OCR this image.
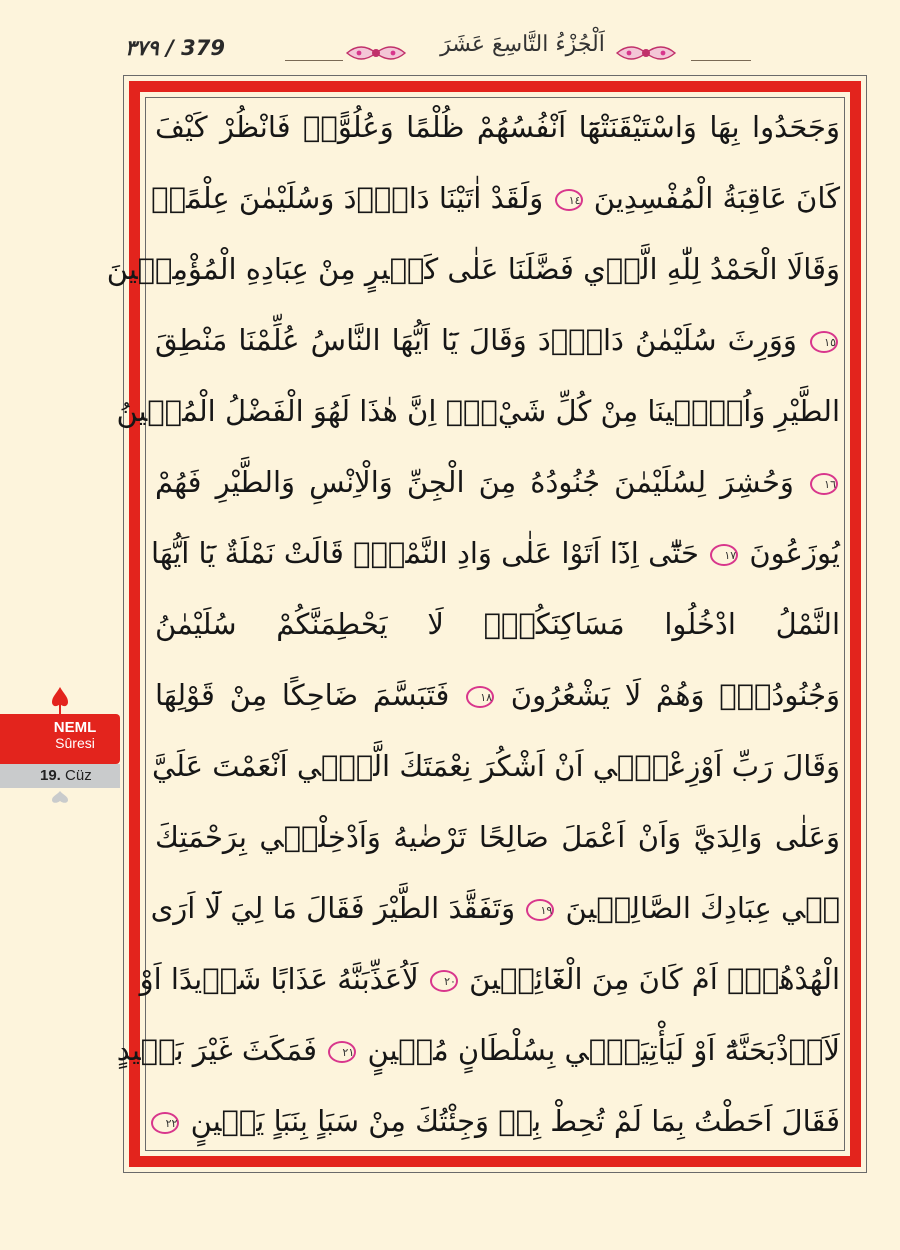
٣٧٩ / 379	اَلْجُزْءُ التَّاسِعَ عَشَرَ
وَجَحَدُوا بِهَا وَاسْتَيْقَنَتْهَٓا اَنْفُسُهُمْ ظُلْمًا وَعُلُوًّاۜ فَانْظُرْ كَيْفَ
كَانَ عَاقِبَةُ الْمُفْسِدِينَ ١٤ وَلَقَدْ اٰتَيْنَا دَاوُ۫دَ وَسُلَيْمٰنَ عِلْمًاۚ
وَقَالَا الْحَمْدُ لِلّٰهِ الَّذ۪ي فَضَّلَنَا عَلٰى كَث۪يرٍ مِنْ عِبَادِهِ الْمُؤْمِن۪ينَ
١٥ وَوَرِثَ سُلَيْمٰنُ دَاوُ۫دَ وَقَالَ يَٓا اَيُّهَا النَّاسُ عُلِّمْنَا مَنْطِقَ
الطَّيْرِ وَاُو۫ت۪ينَا مِنْ كُلِّ شَيْءٍۜ اِنَّ هٰذَا لَهُوَ الْفَضْلُ الْمُب۪ينُ
١٦ وَحُشِرَ لِسُلَيْمٰنَ جُنُودُهُ مِنَ الْجِنِّ وَالْاِنْسِ وَالطَّيْرِ فَهُمْ
يُوزَعُونَ ١٧ حَتّٰٓى اِذَٓا اَتَوْا عَلٰى وَادِ النَّمْلِۙ قَالَتْ نَمْلَةٌ يَٓا اَيُّهَا
النَّمْلُ ادْخُلُوا مَسَاكِنَكُمْۚ لَا يَحْطِمَنَّكُمْ سُلَيْمٰنُ
وَجُنُودُهُۙ وَهُمْ لَا يَشْعُرُونَ ١٨ فَتَبَسَّمَ ضَاحِكًا مِنْ قَوْلِهَا
وَقَالَ رَبِّ اَوْزِعْن۪ٓي اَنْ اَشْكُرَ نِعْمَتَكَ الَّت۪ٓي اَنْعَمْتَ عَلَيَّ
وَعَلٰى وَالِدَيَّ وَاَنْ اَعْمَلَ صَالِحًا تَرْضٰيهُ وَاَدْخِلْن۪ي بِرَحْمَتِكَ
ف۪ي عِبَادِكَ الصَّالِح۪ينَ ١٩ وَتَفَقَّدَ الطَّيْرَ فَقَالَ مَا لِيَ لَٓا اَرَى
الْهُدْهُدَۘ اَمْ كَانَ مِنَ الْغَٓائِب۪ينَ ٢٠ لَاُعَذِّبَنَّهُ عَذَابًا شَد۪يدًا اَوْ
لَاَا۫ذْبَحَنَّهُٓ اَوْ لَيَأْتِيَنّ۪ي بِسُلْطَانٍ مُب۪ينٍ ٢١ فَمَكَثَ غَيْرَ بَع۪يدٍ
فَقَالَ اَحَطْتُ بِمَا لَمْ تُحِطْ بِه۪ وَجِئْتُكَ مِنْ سَبَاٍ بِنَبَاٍ يَق۪ينٍ ٢٢
NEML
Sûresi
19. Cüz
